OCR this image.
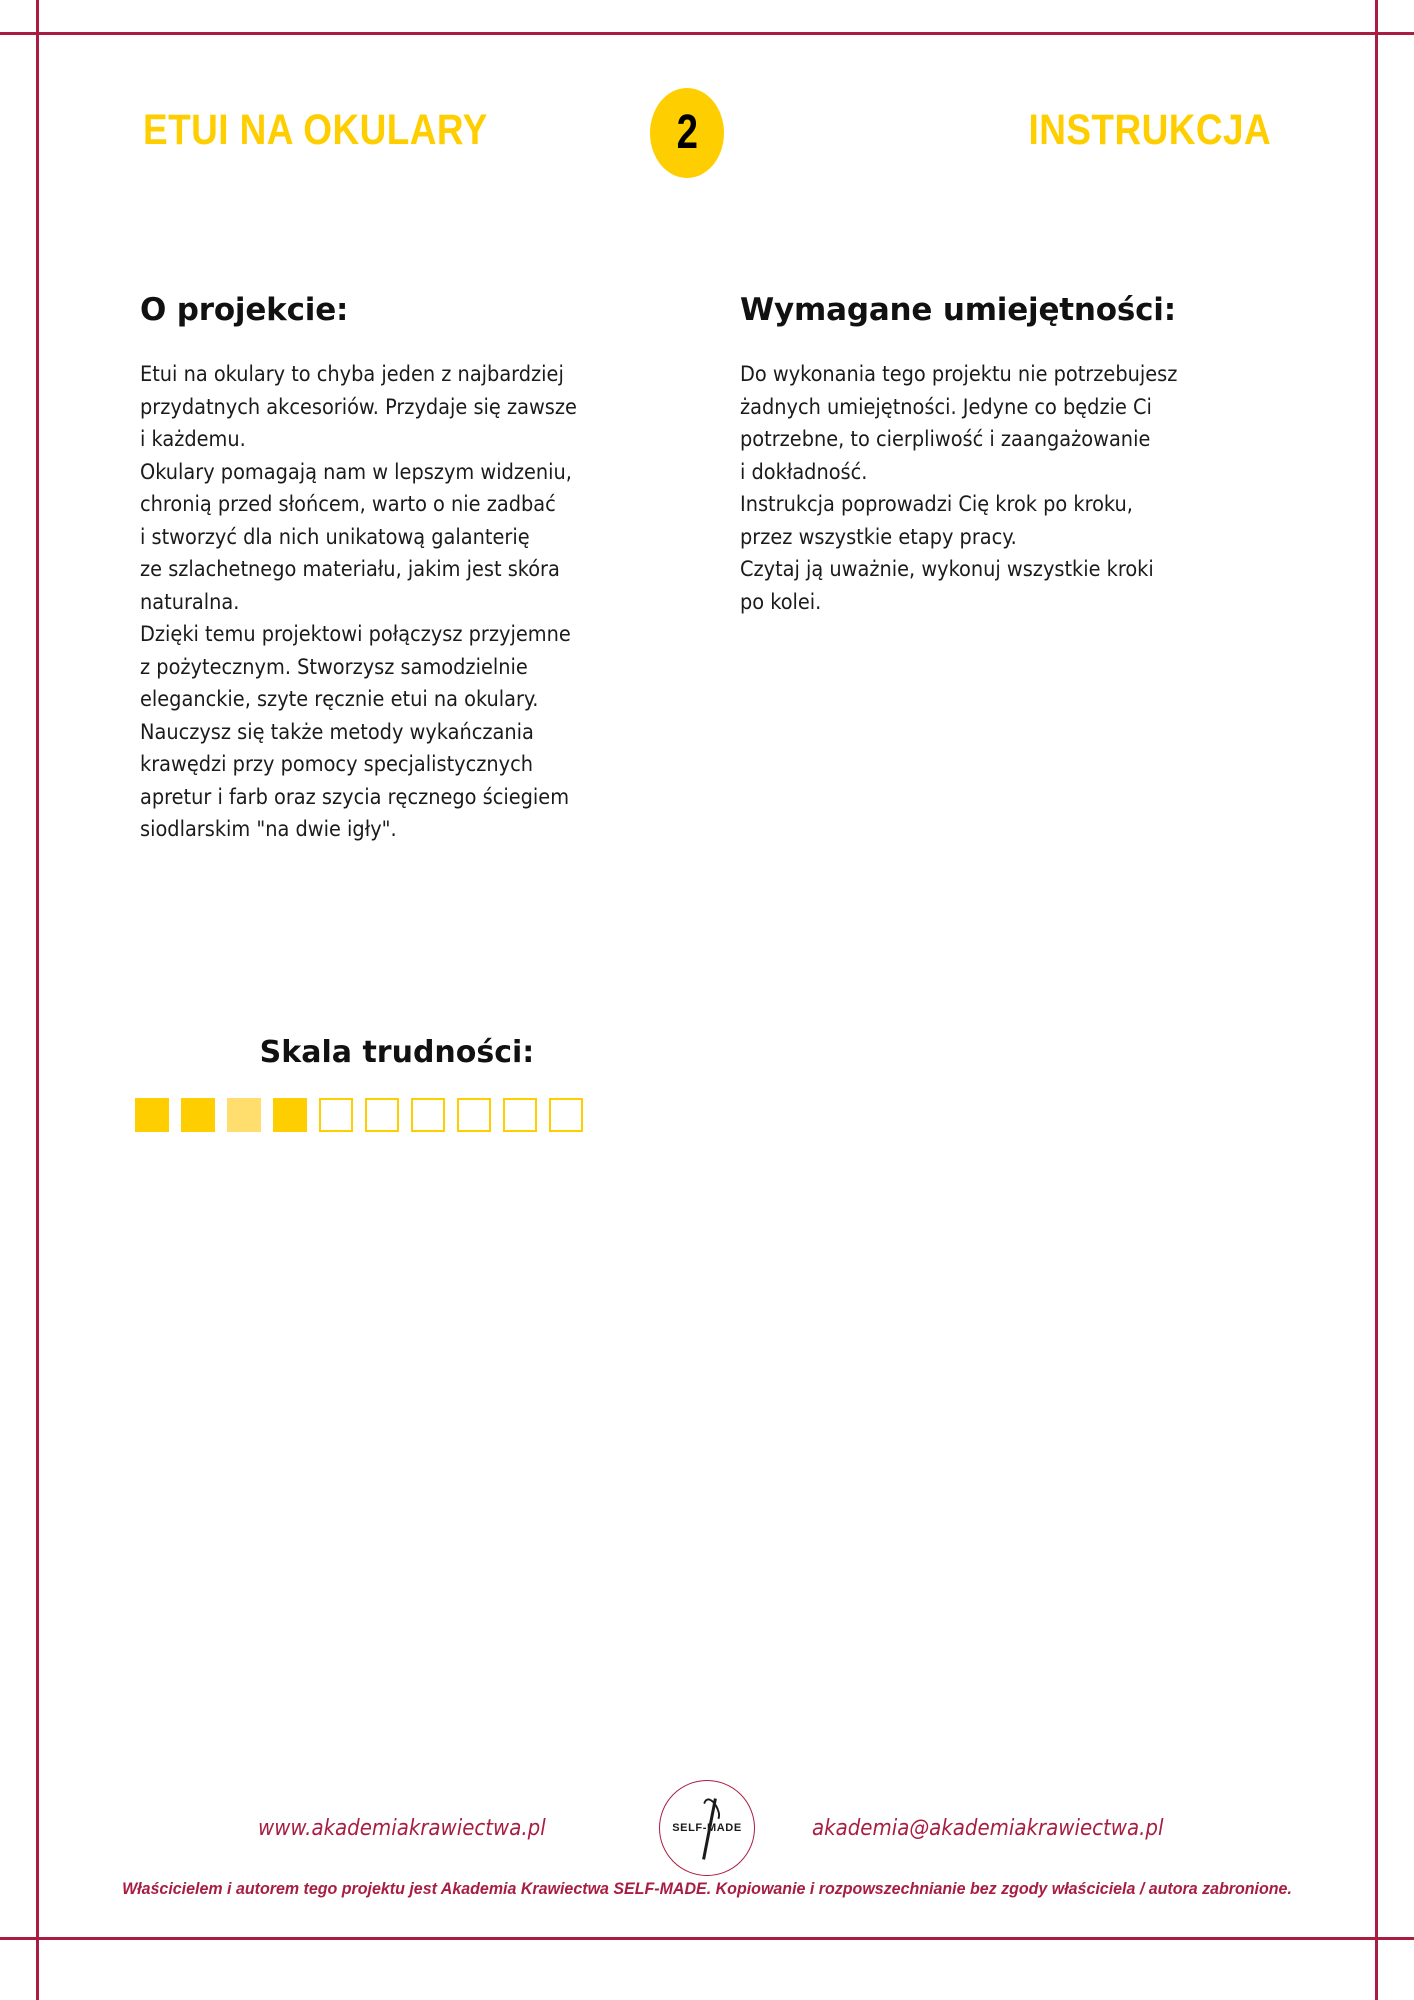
ETUI NA OKULARY	2	INSTRUKCJA
O projekcie:
Etui na okulary to chyba jeden z najbardziej
przydatnych akcesoriów. Przydaje się zawsze
i każdemu.
Okulary pomagają nam w lepszym widzeniu,
chronią przed słońcem, warto o nie zadbać
i stworzyć dla nich unikatową galanterię
ze szlachetnego materiału, jakim jest skóra
naturalna.
Dzięki temu projektowi połączysz przyjemne
z pożytecznym. Stworzysz samodzielnie
eleganckie, szyte ręcznie etui na okulary.
Nauczysz się także metody wykańczania
krawędzi przy pomocy specjalistycznych
apretur i farb oraz szycia ręcznego ściegiem
siodlarskim "na dwie igły".
Wymagane umiejętności:
Do wykonania tego projektu nie potrzebujesz
żadnych umiejętności. Jedyne co będzie Ci
potrzebne, to cierpliwość i zaangażowanie
i dokładność.
Instrukcja poprowadzi Cię krok po kroku,
przez wszystkie etapy pracy.
Czytaj ją uważnie, wykonuj wszystkie kroki
po kolei.
Skala trudności:
www.akademiakrawiectwa.pl	SELF-MADE	akademia@akademiakrawiectwa.pl
Właścicielem i autorem tego projektu jest Akademia Krawiectwa SELF-MADE. Kopiowanie i rozpowszechnianie bez zgody właściciela / autora zabronione.
